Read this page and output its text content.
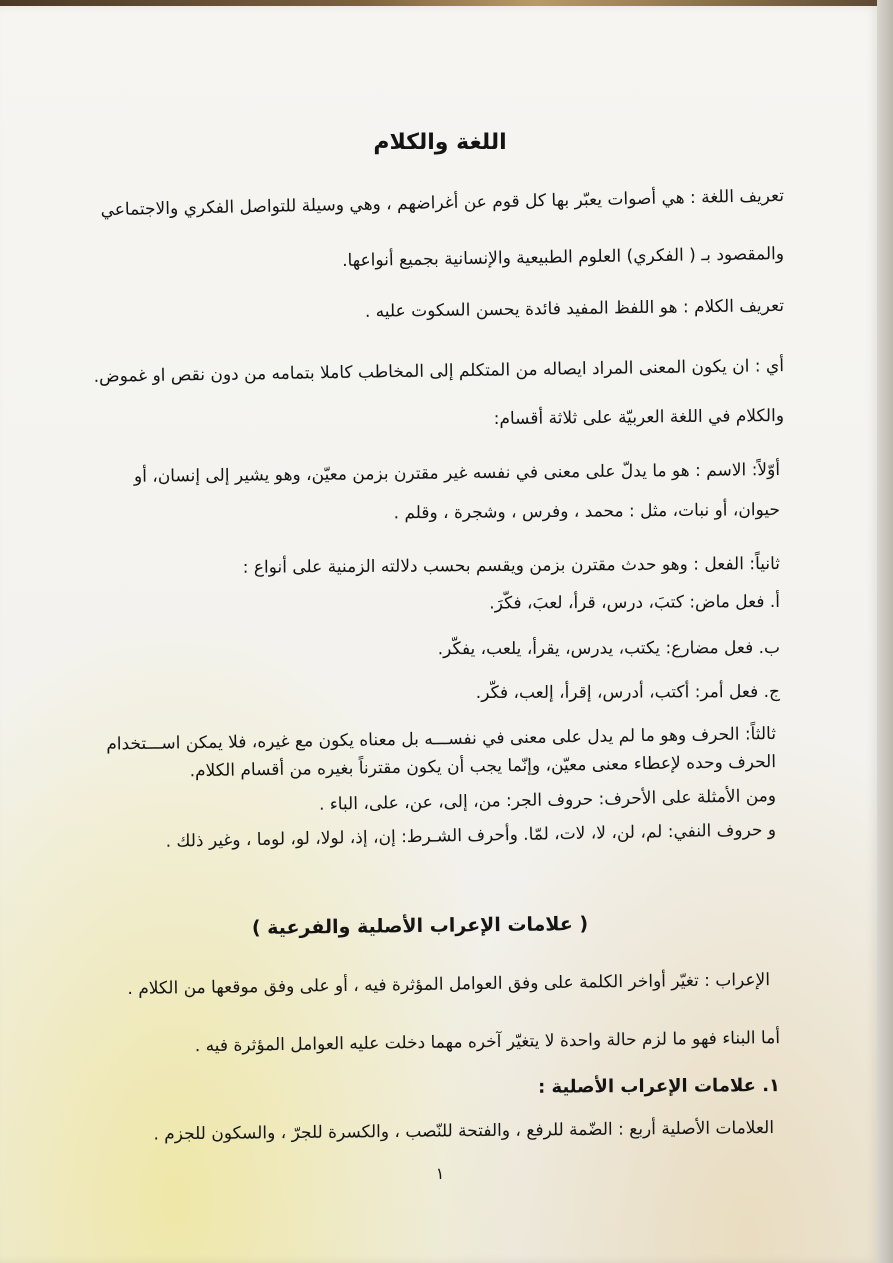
اللغة والكلام
تعريف اللغة : هي أصوات يعبّر بها كل قوم عن أغراضهم ، وهي وسيلة للتواصل الفكري والاجتماعي
والمقصود بـ ( الفكري) العلوم الطبيعية والإنسانية بجميع أنواعها.
تعريف الكلام : هو اللفظ المفيد فائدة يحسن السكوت عليه .
أي : ان يكون المعنى المراد ايصاله من المتكلم إلى المخاطب كاملا بتمامه من دون نقص او غموض.
والكلام في اللغة العربيّة على ثلاثة أقسام:
أوّلاً: الاسم : هو ما يدلّ على معنى في نفسه غير مقترن بزمن معيّن، وهو يشير إلى إنسان، أو
حيوان، أو نبات، مثل : محمد ، وفرس ، وشجرة ، وقلم .
ثانياً: الفعل : وهو حدث مقترن بزمن ويقسم بحسب دلالته الزمنية على أنواع :
أ. فعل ماض: كتبَ، درس، قرأ، لعبَ، فكّرَ.
ب. فعل مضارع: يكتب، يدرس، يقرأ، يلعب، يفكّر.
ج. فعل أمر: أكتب، أدرس، إقرأ، إلعب، فكّر.
ثالثاً: الحرف وهو ما لم يدل على معنى في نفســـه بل معناه يكون مع غيره، فلا يمكن اســـتخدام
الحرف وحده لإعطاء معنى معيّن، وإنّما يجب أن يكون مقترناً بغيره من أقسام الكلام.
ومن الأمثلة على الأحرف: حروف الجر: من، إلى، عن، على، الباء .
و حروف النفي: لم، لن، لا، لات، لمّا. وأحرف الشـرط: إن، إذ، لولا، لو، لوما ، وغير ذلك .
( علامات الإعراب الأصلية والفرعية )
الإعراب : تغيّر أواخر الكلمة على وفق العوامل المؤثرة فيه ، أو على وفق موقعها من الكلام .
أما البناء فهو ما لزم حالة واحدة لا يتغيّر آخره مهما دخلت عليه العوامل المؤثرة فيه .
١. علامات الإعراب الأصلية :
العلامات الأصلية أربع : الضّمة للرفع ، والفتحة للنّصب ، والكسرة للجرّ ، والسكون للجزم .
١
